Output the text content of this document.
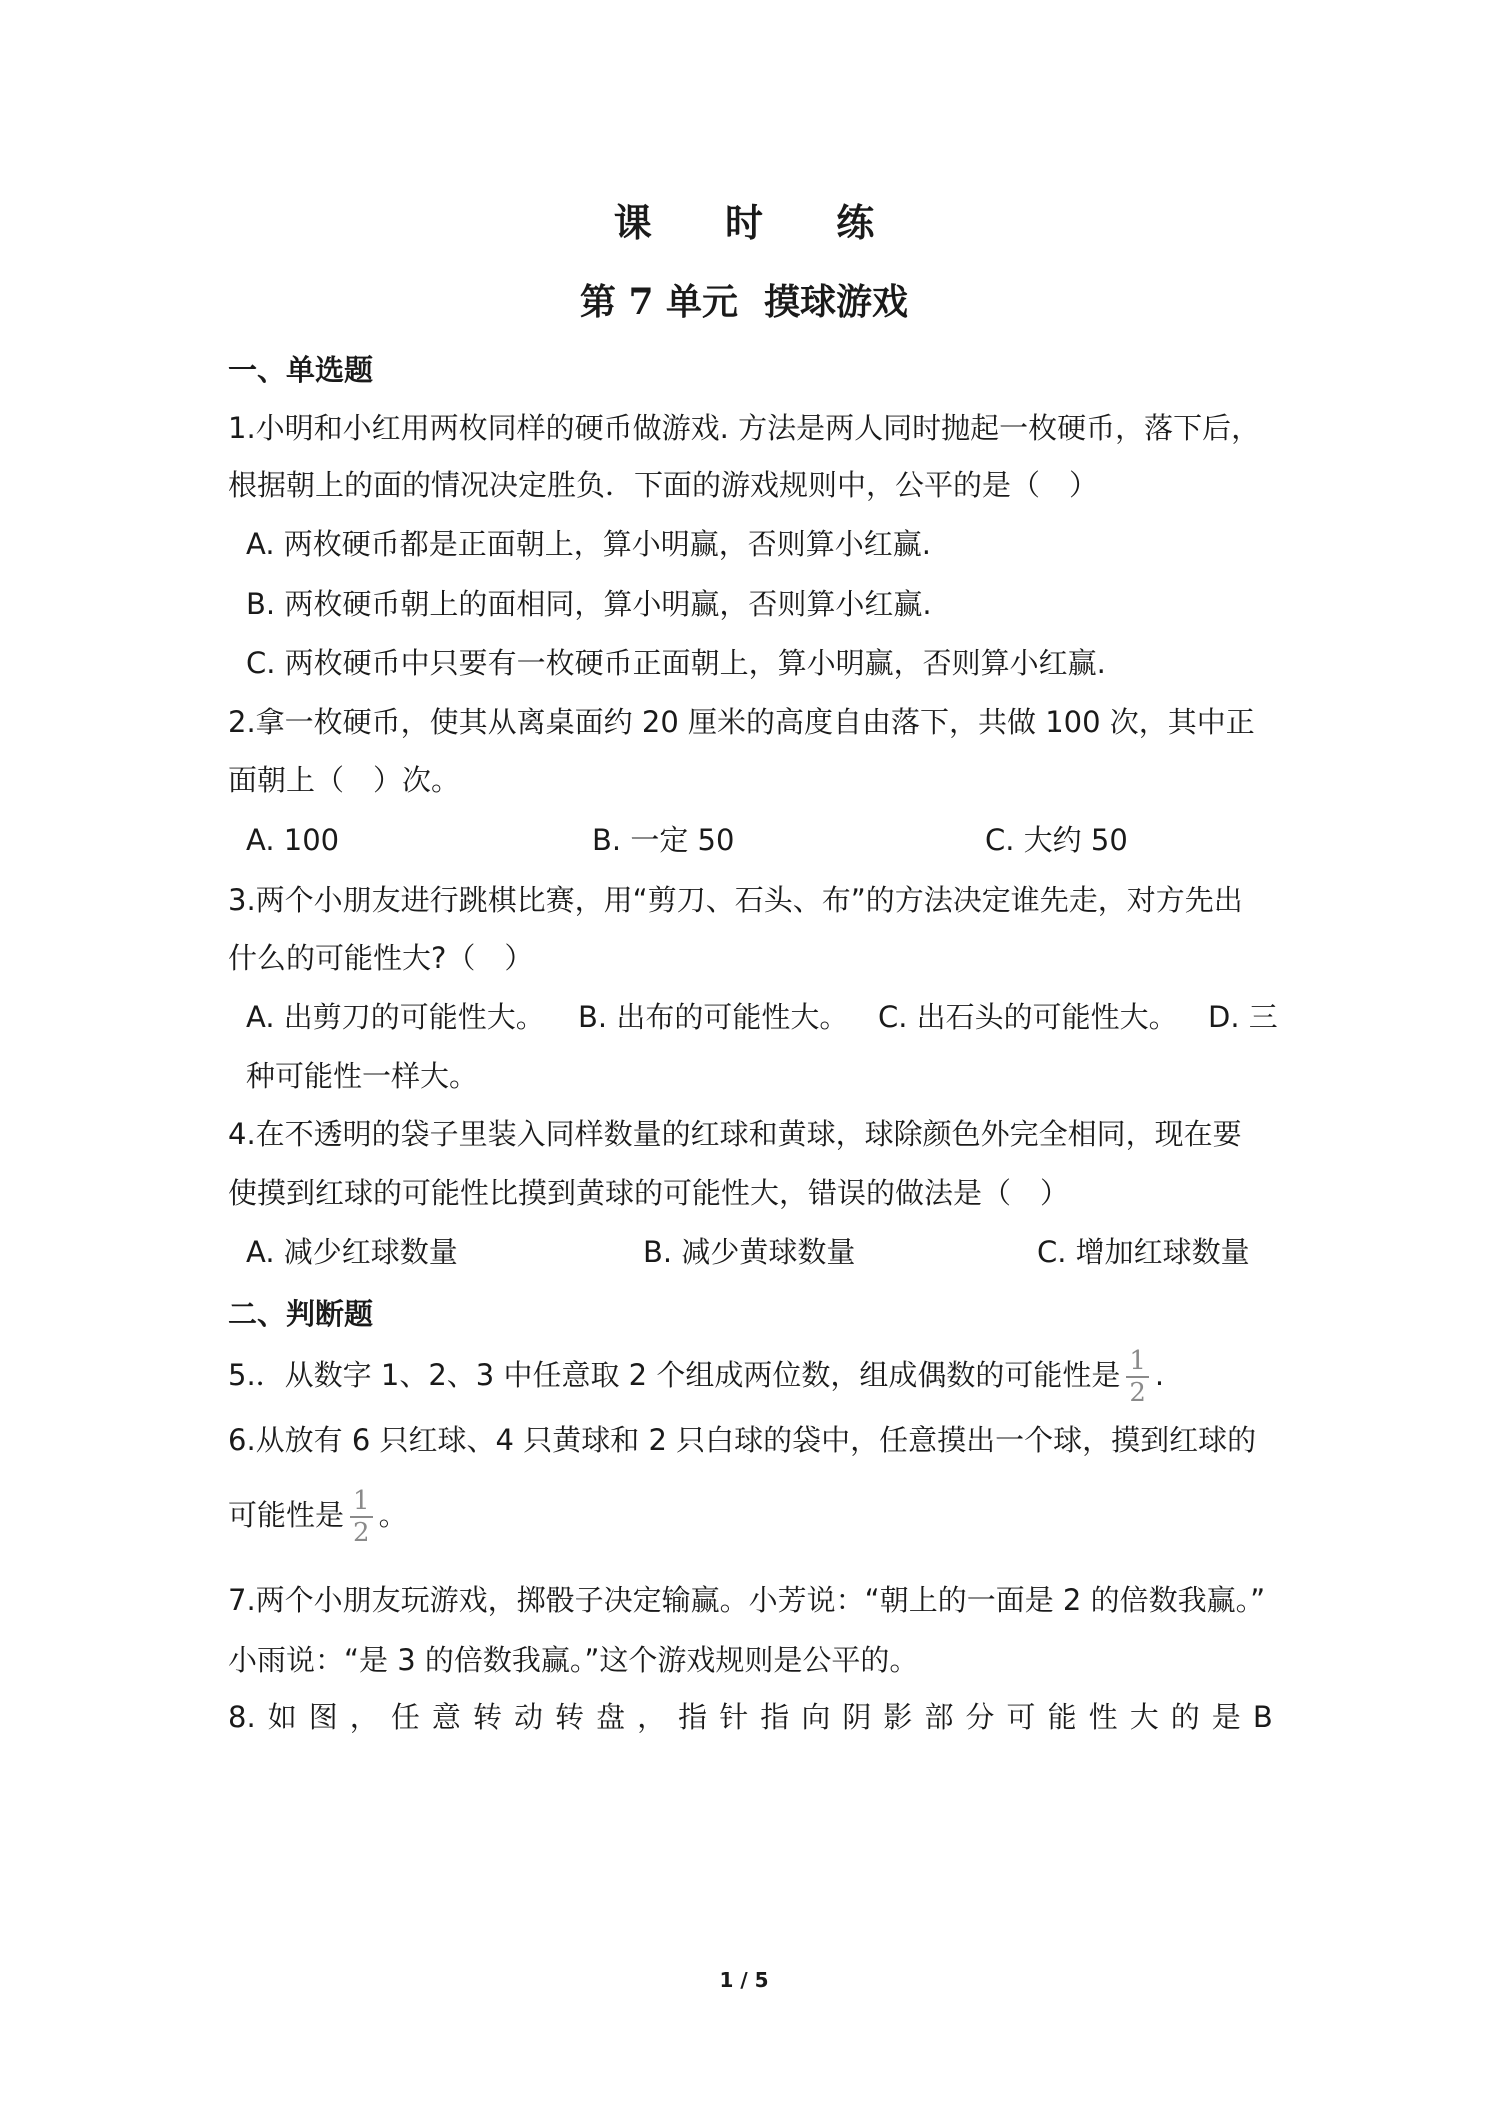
课 时 练
第 7 单元 摸球游戏
一、单选题
1.小明和小红用两枚同样的硬币做游戏. 方法是两人同时抛起一枚硬币，落下后，
根据朝上的面的情况决定胜负．下面的游戏规则中，公平的是（　）
A. 两枚硬币都是正面朝上，算小明赢，否则算小红赢.
B. 两枚硬币朝上的面相同，算小明赢，否则算小红赢.
C. 两枚硬币中只要有一枚硬币正面朝上，算小明赢，否则算小红赢.
2.拿一枚硬币，使其从离桌面约 20 厘米的高度自由落下，共做 100 次，其中正
面朝上（　）次。
A. 100	B. 一定 50	C. 大约 50
3.两个小朋友进行跳棋比赛，用“剪刀、石头、布”的方法决定谁先走，对方先出
什么的可能性大?（　）
A. 出剪刀的可能性大。 B. 出布的可能性大。 C. 出石头的可能性大。 D. 三
种可能性一样大。
4.在不透明的袋子里装入同样数量的红球和黄球，球除颜色外完全相同，现在要
使摸到红球的可能性比摸到黄球的可能性大，错误的做法是（　）
A. 减少红球数量	B. 减少黄球数量	C. 增加红球数量
二、判断题
5.．从数字 1、2、3 中任意取 2 个组成两位数，组成偶数的可能性是 $\frac{1}{2}$ .
6.从放有 6 只红球、4 只黄球和 2 只白球的袋中，任意摸出一个球，摸到红球的
可能性是 $\frac{1}{2}$ 。
7.两个小朋友玩游戏，掷骰子决定输赢。小芳说：“朝上的一面是 2 的倍数我赢。”
小雨说：“是 3 的倍数我赢。”这个游戏规则是公平的。
8. 如 图 ， 任 意 转 动 转 盘 ， 指 针 指 向 阴 影 部 分 可 能 性 大 的 是 B
1 / 5
